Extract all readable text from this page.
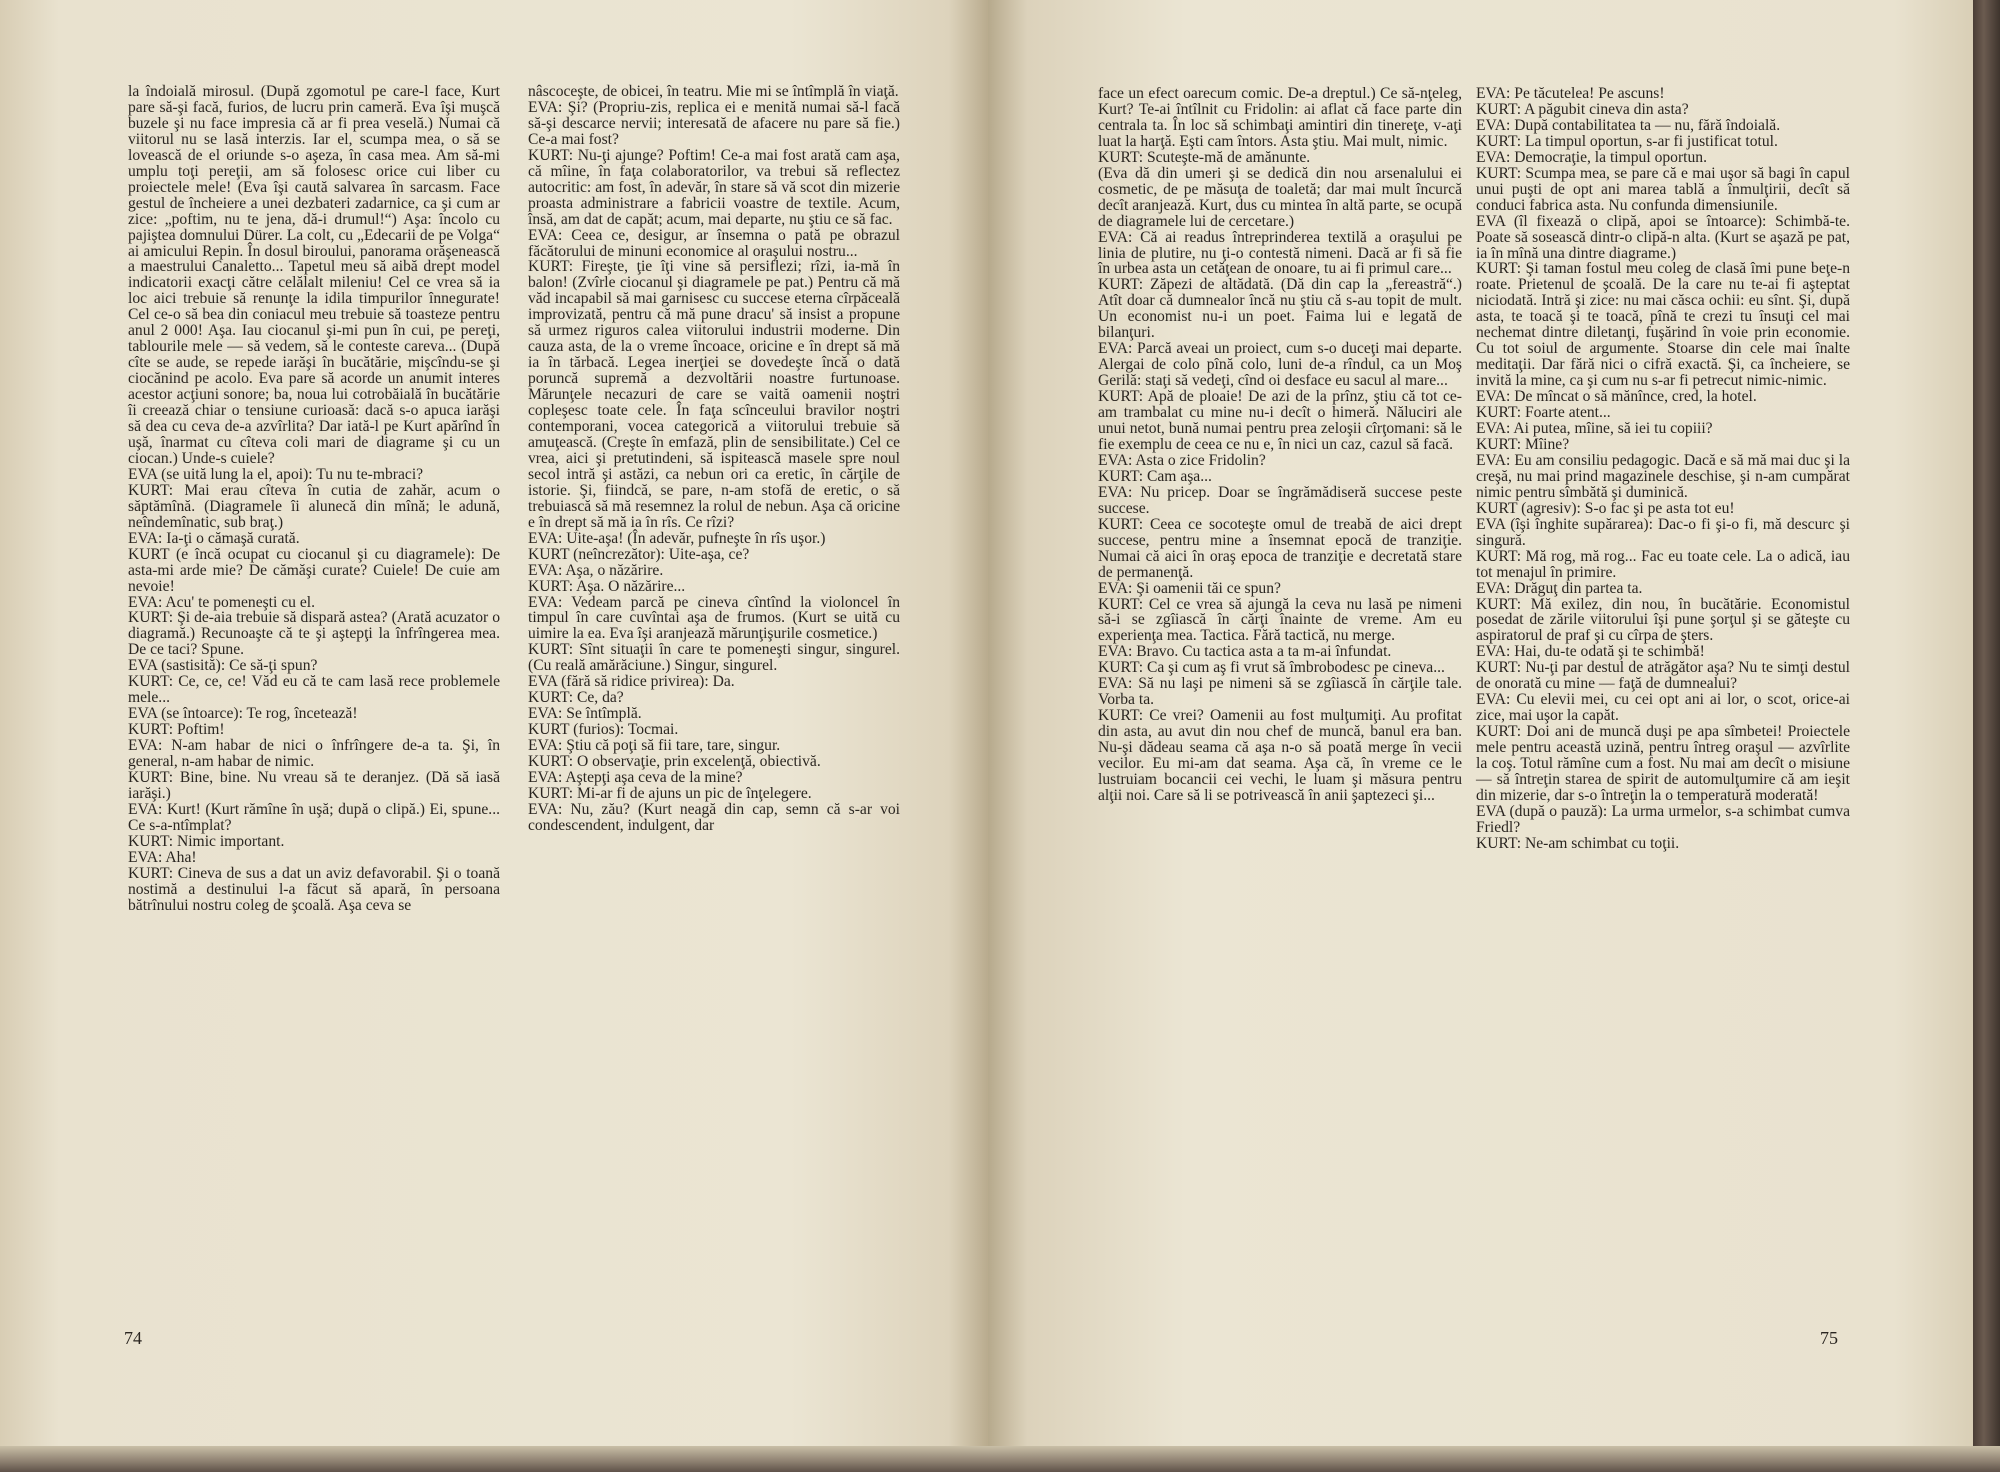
la îndoială mirosul. (După zgomotul pe care-l face, Kurt pare să-şi facă, furios, de lucru prin cameră. Eva îşi muşcă buzele şi nu face impresia că ar fi prea veselă.) Numai că viitorul nu se lasă interzis. Iar el, scumpa mea, o să se lovească de el oriunde s-o aşeza, în casa mea. Am să-mi umplu toţi pereţii, am să folosesc orice cui liber cu proiectele mele! (Eva îşi caută salvarea în sarcasm. Face gestul de încheiere a unei dezbateri zadarnice, ca şi cum ar zice: „poftim, nu te jena, dă-i drumul!“) Aşa: încolo cu pajiştea domnului Dürer. La colt, cu „Edecarii de pe Volga“ ai amicului Repin. În dosul biroului, panorama orăşenească a maestrului Canaletto... Tapetul meu să aibă drept model indicatorii exacţi către celălalt mileniu! Cel ce vrea să ia loc aici trebuie să renunţe la idila timpurilor înnegurate! Cel ce-o să bea din coniacul meu trebuie să toasteze pentru anul 2 000! Aşa. Iau ciocanul şi-mi pun în cui, pe pereţi, tablourile mele — să vedem, să le conteste careva... (După cîte se aude, se repede iarăşi în bucătărie, mişcîndu-se şi ciocănind pe acolo. Eva pare să acorde un anumit interes acestor acţiuni sonore; ba, noua lui cotrobăială în bucătărie îi creează chiar o tensiune curioasă: dacă s-o apuca iarăşi să dea cu ceva de-a azvîrlita? Dar iată-l pe Kurt apărînd în uşă, înarmat cu cîteva coli mari de diagrame şi cu un ciocan.) Unde-s cuiele?

EVA (se uită lung la el, apoi): Tu nu te-mbraci?

KURT: Mai erau cîteva în cutia de zahăr, acum o săptămînă. (Diagramele îi alunecă din mînă; le adună, neîndemînatic, sub braţ.)

EVA: Ia-ţi o cămaşă curată.

KURT (e încă ocupat cu ciocanul şi cu diagramele): De asta-mi arde mie? De cămăşi curate? Cuiele! De cuie am nevoie!

EVA: Acu' te pomeneşti cu el.

KURT: Şi de-aia trebuie să dispară astea? (Arată acuzator o diagramă.) Recunoaşte că te şi aştepţi la înfrîngerea mea. De ce taci? Spune.

EVA (sastisită): Ce să-ţi spun?

KURT: Ce, ce, ce! Văd eu că te cam lasă rece problemele mele...

EVA (se întoarce): Te rog, încetează!

KURT: Poftim!

EVA: N-am habar de nici o înfrîngere de-a ta. Şi, în general, n-am habar de nimic.

KURT: Bine, bine. Nu vreau să te deranjez. (Dă să iasă iarăşi.)

EVA: Kurt! (Kurt rămîne în uşă; după o clipă.) Ei, spune... Ce s-a-ntîmplat?

KURT: Nimic important.

EVA: Aha!

KURT: Cineva de sus a dat un aviz defavorabil. Şi o toană nostimă a destinului l-a făcut să apară, în persoana bătrînului nostru coleg de şcoală. Aşa ceva se

nâscoceşte, de obicei, în teatru. Mie mi se întîmplă în viaţă.

EVA: Şi? (Propriu-zis, replica ei e menită numai să-l facă să-şi descarce nervii; interesată de afacere nu pare să fie.) Ce-a mai fost?

KURT: Nu-ţi ajunge? Poftim! Ce-a mai fost arată cam aşa, că mîine, în faţa colaboratorilor, va trebui să reflectez autocritic: am fost, în adevăr, în stare să vă scot din mizerie proasta administrare a fabricii voastre de textile. Acum, însă, am dat de capăt; acum, mai departe, nu ştiu ce să fac.

EVA: Ceea ce, desigur, ar însemna o pată pe obrazul făcătorului de minuni economice al oraşului nostru...

KURT: Fireşte, ţie îţi vine să persiflezi; rîzi, ia-mă în balon! (Zvîrle ciocanul şi diagramele pe pat.) Pentru că mă văd incapabil să mai garnisesc cu succese eterna cîrpăceală improvizată, pentru că mă pune dracu' să insist a propune să urmez riguros calea viitorului industrii moderne. Din cauza asta, de la o vreme încoace, oricine e în drept să mă ia în tărbacă. Legea inerţiei se dovedeşte încă o dată poruncă supremă a dezvoltării noastre furtunoase. Mărunţele necazuri de care se vaită oamenii noştri copleşesc toate cele. În faţa scînceului bravilor noştri contemporani, vocea categorică a viitorului trebuie să amuţească. (Creşte în emfază, plin de sensibilitate.) Cel ce vrea, aici şi pretutindeni, să ispitească masele spre noul secol intră şi astăzi, ca nebun ori ca eretic, în cărţile de istorie. Şi, fiindcă, se pare, n-am stofă de eretic, o să trebuiască să mă resemnez la rolul de nebun. Aşa că oricine e în drept să mă ia în rîs. Ce rîzi?

EVA: Uite-aşa! (În adevăr, pufneşte în rîs uşor.)

KURT (neîncrezător): Uite-aşa, ce?

EVA: Aşa, o năzărire.

KURT: Aşa. O năzărire...

EVA: Vedeam parcă pe cineva cîntînd la violoncel în timpul în care cuvîntai aşa de frumos. (Kurt se uită cu uimire la ea. Eva îşi aranjează mărunţişurile cosmetice.)

KURT: Sînt situaţii în care te pomeneşti singur, singurel. (Cu reală amărăciune.) Singur, singurel.

EVA (fără să ridice privirea): Da.

KURT: Ce, da?

EVA: Se întîmplă.

KURT (furios): Tocmai.

EVA: Ştiu că poţi să fii tare, tare, singur.

KURT: O observaţie, prin excelenţă, obiectivă.

EVA: Aştepţi aşa ceva de la mine?

KURT: Mi-ar fi de ajuns un pic de înţelegere.

EVA: Nu, zău? (Kurt neagă din cap, semn că s-ar voi condescendent, indulgent, dar

74

face un efect oarecum comic. De-a dreptul.) Ce să-nţeleg, Kurt? Te-ai întîlnit cu Fridolin: ai aflat că face parte din centrala ta. În loc să schimbaţi amintiri din tinereţe, v-aţi luat la harţă. Eşti cam întors. Asta ştiu. Mai mult, nimic.

KURT: Scuteşte-mă de amănunte.

(Eva dă din umeri şi se dedică din nou arsenalului ei cosmetic, de pe măsuţa de toaletă; dar mai mult încurcă decît aranjează. Kurt, dus cu mintea în altă parte, se ocupă de diagramele lui de cercetare.)

EVA: Că ai readus întreprinderea textilă a oraşului pe linia de plutire, nu ţi-o contestă nimeni. Dacă ar fi să fie în urbea asta un cetăţean de onoare, tu ai fi primul care...

KURT: Zăpezi de altădată. (Dă din cap la „fereastră“.) Atît doar că dumnealor încă nu ştiu că s-au topit de mult. Un economist nu-i un poet. Faima lui e legată de bilanţuri.

EVA: Parcă aveai un proiect, cum s-o duceţi mai departe. Alergai de colo pînă colo, luni de-a rîndul, ca un Moş Gerilă: staţi să vedeţi, cînd oi desface eu sacul al mare...

KURT: Apă de ploaie! De azi de la prînz, ştiu că tot ce-am trambalat cu mine nu-i decît o himeră. Năluciri ale unui netot, bună numai pentru prea zeloşii cîrţomani: să le fie exemplu de ceea ce nu e, în nici un caz, cazul să facă.

EVA: Asta o zice Fridolin?

KURT: Cam aşa...

EVA: Nu pricep. Doar se îngrămădiseră succese peste succese.

KURT: Ceea ce socoteşte omul de treabă de aici drept succese, pentru mine a însemnat epocă de tranziţie. Numai că aici în oraş epoca de tranziţie e decretată stare de permanenţă.

EVA: Şi oamenii tăi ce spun?

KURT: Cel ce vrea să ajungă la ceva nu lasă pe nimeni să-i se zgîiască în cărţi înainte de vreme. Am eu experienţa mea. Tactica. Fără tactică, nu merge.

EVA: Bravo. Cu tactica asta a ta m-ai înfundat.

KURT: Ca şi cum aş fi vrut să îmbrobodesc pe cineva...

EVA: Să nu laşi pe nimeni să se zgîiască în cărţile tale. Vorba ta.

KURT: Ce vrei? Oamenii au fost mulţumiţi. Au profitat din asta, au avut din nou chef de muncă, banul era ban. Nu-şi dădeau seama că aşa n-o să poată merge în vecii vecilor. Eu mi-am dat seama. Aşa că, în vreme ce le lustruiam bocancii cei vechi, le luam şi măsura pentru alţii noi. Care să li se potrivească în anii şaptezeci şi...

EVA: Pe tăcutelea! Pe ascuns!

KURT: A păgubit cineva din asta?

EVA: După contabilitatea ta — nu, fără îndoială.

KURT: La timpul oportun, s-ar fi justificat totul.

EVA: Democraţie, la timpul oportun.

KURT: Scumpa mea, se pare că e mai uşor să bagi în capul unui puşti de opt ani marea tablă a înmulţirii, decît să conduci fabrica asta. Nu confunda dimensiunile.

EVA (îl fixează o clipă, apoi se întoarce): Schimbă-te. Poate să sosească dintr-o clipă-n alta. (Kurt se aşază pe pat, ia în mînă una dintre diagrame.)

KURT: Şi taman fostul meu coleg de clasă îmi pune beţe-n roate. Prietenul de şcoală. De la care nu te-ai fi aşteptat niciodată. Intră şi zice: nu mai căsca ochii: eu sînt. Şi, după asta, te toacă şi te toacă, pînă te crezi tu însuţi cel mai nechemat dintre diletanţi, fuşărind în voie prin economie. Cu tot soiul de argumente. Stoarse din cele mai înalte meditaţii. Dar fără nici o cifră exactă. Şi, ca încheiere, se invită la mine, ca şi cum nu s-ar fi petrecut nimic-nimic.

EVA: De mîncat o să mănînce, cred, la hotel.

KURT: Foarte atent...

EVA: Ai putea, mîine, să iei tu copiii?

KURT: Mîine?

EVA: Eu am consiliu pedagogic. Dacă e să mă mai duc şi la creşă, nu mai prind magazinele deschise, şi n-am cumpărat nimic pentru sîmbătă şi duminică.

KURT (agresiv): S-o fac şi pe asta tot eu!

EVA (îşi înghite supărarea): Dac-o fi şi-o fi, mă descurc şi singură.

KURT: Mă rog, mă rog... Fac eu toate cele. La o adică, iau tot menajul în primire.

EVA: Drăguţ din partea ta.

KURT: Mă exilez, din nou, în bucătărie. Economistul posedat de zările viitorului îşi pune şorţul şi se găteşte cu aspiratorul de praf şi cu cîrpa de şters.

EVA: Hai, du-te odată şi te schimbă!

KURT: Nu-ţi par destul de atrăgător aşa? Nu te simţi destul de onorată cu mine — faţă de dumnealui?

EVA: Cu elevii mei, cu cei opt ani ai lor, o scot, orice-ai zice, mai uşor la capăt.

KURT: Doi ani de muncă duşi pe apa sîmbetei! Proiectele mele pentru această uzină, pentru întreg oraşul — azvîrlite la coş. Totul rămîne cum a fost. Nu mai am decît o misiune — să întreţin starea de spirit de automulţumire că am ieşit din mizerie, dar s-o întreţin la o temperatură moderată!

EVA (după o pauză): La urma urmelor, s-a schimbat cumva Friedl?

KURT: Ne-am schimbat cu toţii.

75
